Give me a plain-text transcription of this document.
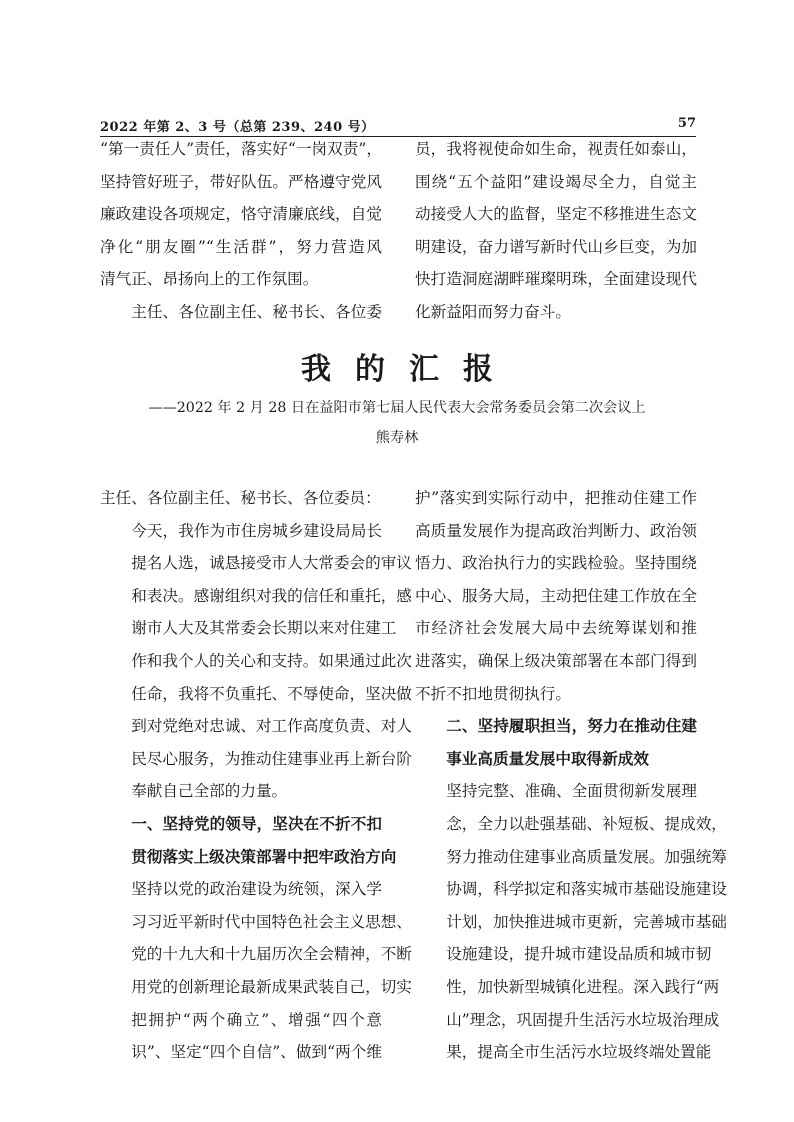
2022 年第 2、3 号（总第 239、240 号）	57

“第一责任人”责任，落实好“一岗双责”，
坚持管好班子，带好队伍。严格遵守党风
廉政建设各项规定，恪守清廉底线，自觉
净化“朋友圈”“生活群”，努力营造风
清气正、昂扬向上的工作氛围。

主任、各位副主任、秘书长、各位委

员，我将视使命如生命，视责任如泰山，
围绕“五个益阳”建设竭尽全力，自觉主
动接受人大的监督，坚定不移推进生态文
明建设，奋力谱写新时代山乡巨变，为加
快打造洞庭湖畔璀璨明珠，全面建设现代
化新益阳而努力奋斗。

我的汇报
——2022 年 2 月 28 日在益阳市第七届人民代表大会常务委员会第二次会议上
熊寿林

主任、各位副主任、秘书长、各位委员：

今天，我作为市住房城乡建设局局长
提名人选，诚恳接受市人大常委会的审议
和表决。感谢组织对我的信任和重托，感
谢市人大及其常委会长期以来对住建工
作和我个人的关心和支持。如果通过此次
任命，我将不负重托、不辱使命，坚决做
到对党绝对忠诚、对工作高度负责、对人
民尽心服务，为推动住建事业再上新台阶
奉献自己全部的力量。

一、坚持党的领导，坚决在不折不扣
贯彻落实上级决策部署中把牢政治方向

坚持以党的政治建设为统领，深入学
习习近平新时代中国特色社会主义思想、
党的十九大和十九届历次全会精神，不断
用党的创新理论最新成果武装自己，切实
把拥护“两个确立”、增强“四个意
识”、坚定“四个自信”、做到“两个维

护”落实到实际行动中，把推动住建工作
高质量发展作为提高政治判断力、政治领
悟力、政治执行力的实践检验。坚持围绕
中心、服务大局，主动把住建工作放在全
市经济社会发展大局中去统筹谋划和推
进落实，确保上级决策部署在本部门得到
不折不扣地贯彻执行。

二、坚持履职担当，努力在推动住建
事业高质量发展中取得新成效

坚持完整、准确、全面贯彻新发展理
念，全力以赴强基础、补短板、提成效，
努力推动住建事业高质量发展。加强统筹
协调，科学拟定和落实城市基础设施建设
计划，加快推进城市更新，完善城市基础
设施建设，提升城市建设品质和城市韧
性，加快新型城镇化进程。深入践行“两
山”理念，巩固提升生活污水垃圾治理成
果，提高全市生活污水垃圾终端处置能
